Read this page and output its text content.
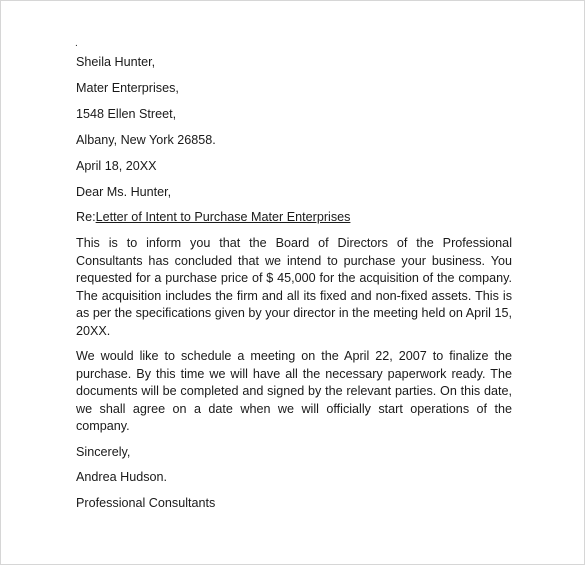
.
Sheila Hunter,
Mater Enterprises,
1548 Ellen Street,
Albany, New York 26858.
April 18, 20XX
Dear Ms. Hunter,
Re:Letter of Intent to Purchase Mater Enterprises

This is to inform you that the Board of Directors of the Professional Consultants has concluded that we intend to purchase your business. You requested for a purchase price of $ 45,000 for the acquisition of the company. The acquisition includes the firm and all its fixed and non-fixed assets. This is as per the specifications given by your director in the meeting held on April 15, 20XX.

We would like to schedule a meeting on the April 22, 2007 to finalize the purchase. By this time we will have all the necessary paperwork ready. The documents will be completed and signed by the relevant parties. On this date, we shall agree on a date when we will officially start operations of the company.

Sincerely,
Andrea Hudson.
Professional Consultants
